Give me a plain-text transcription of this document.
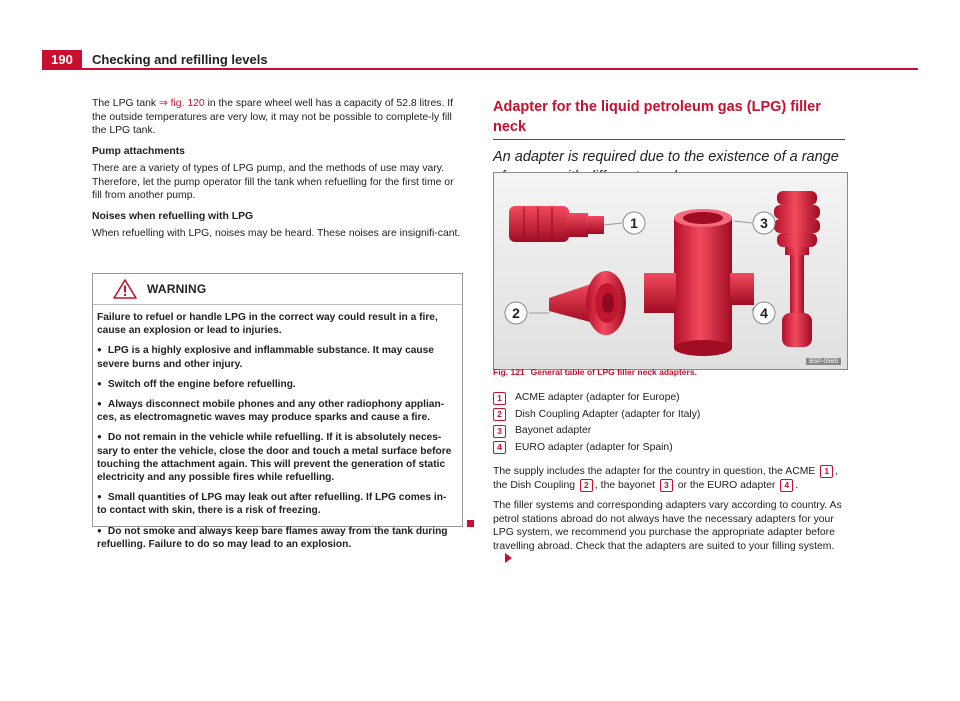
190	Checking and refilling levels

The LPG tank ⇒ fig. 120 in the spare wheel well has a capacity of 52.8 litres. If the outside temperatures are very low, it may not be possible to complete-ly fill the LPG tank.

Pump attachments

There are a variety of types of LPG pump, and the methods of use may vary. Therefore, let the pump operator fill the tank when refuelling for the first time or fill from another pump.

Noises when refuelling with LPG

When refuelling with LPG, noises may be heard. These noises are insignifi-cant.

WARNING

Failure to refuel or handle LPG in the correct way could result in a fire, cause an explosion or lead to injuries.

● LPG is a highly explosive and inflammable substance. It may cause severe burns and other injury.

● Switch off the engine before refuelling.

● Always disconnect mobile phones and any other radiophony applian-ces, as electromagnetic waves may produce sparks and cause a fire.

● Do not remain in the vehicle while refuelling. If it is absolutely neces-sary to enter the vehicle, close the door and touch a metal surface before touching the attachment again. This will prevent the generation of static electricity and any possible fires while refuelling.

● Small quantities of LPG may leak out after refuelling. If LPG comes in-to contact with skin, there is a risk of freezing.

● Do not smoke and always keep bare flames away from the tank during refuelling. Failure to do so may lead to an explosion.

Adapter for the liquid petroleum gas (LPG) filler neck

An adapter is required due to the existence of a range

1
2
3
4
B5P-0569
Fig. 121 General table of LPG filler neck adapters.
1	ACME adapter (adapter for Europe)
2	Dish Coupling Adapter (adapter for Italy)
3	Bayonet adapter
4	EURO adapter (adapter for Spain)

The supply includes the adapter for the country in question, the ACME 1 , the Dish Coupling 2 , the bayonet 3 or the EURO adapter 4 .

The filler systems and corresponding adapters vary according to country. As petrol stations abroad do not always have the necessary adapters for your LPG system, we recommend you purchase the appropriate adapter before travelling abroad. Check that the adapters are suited to your filling system.
